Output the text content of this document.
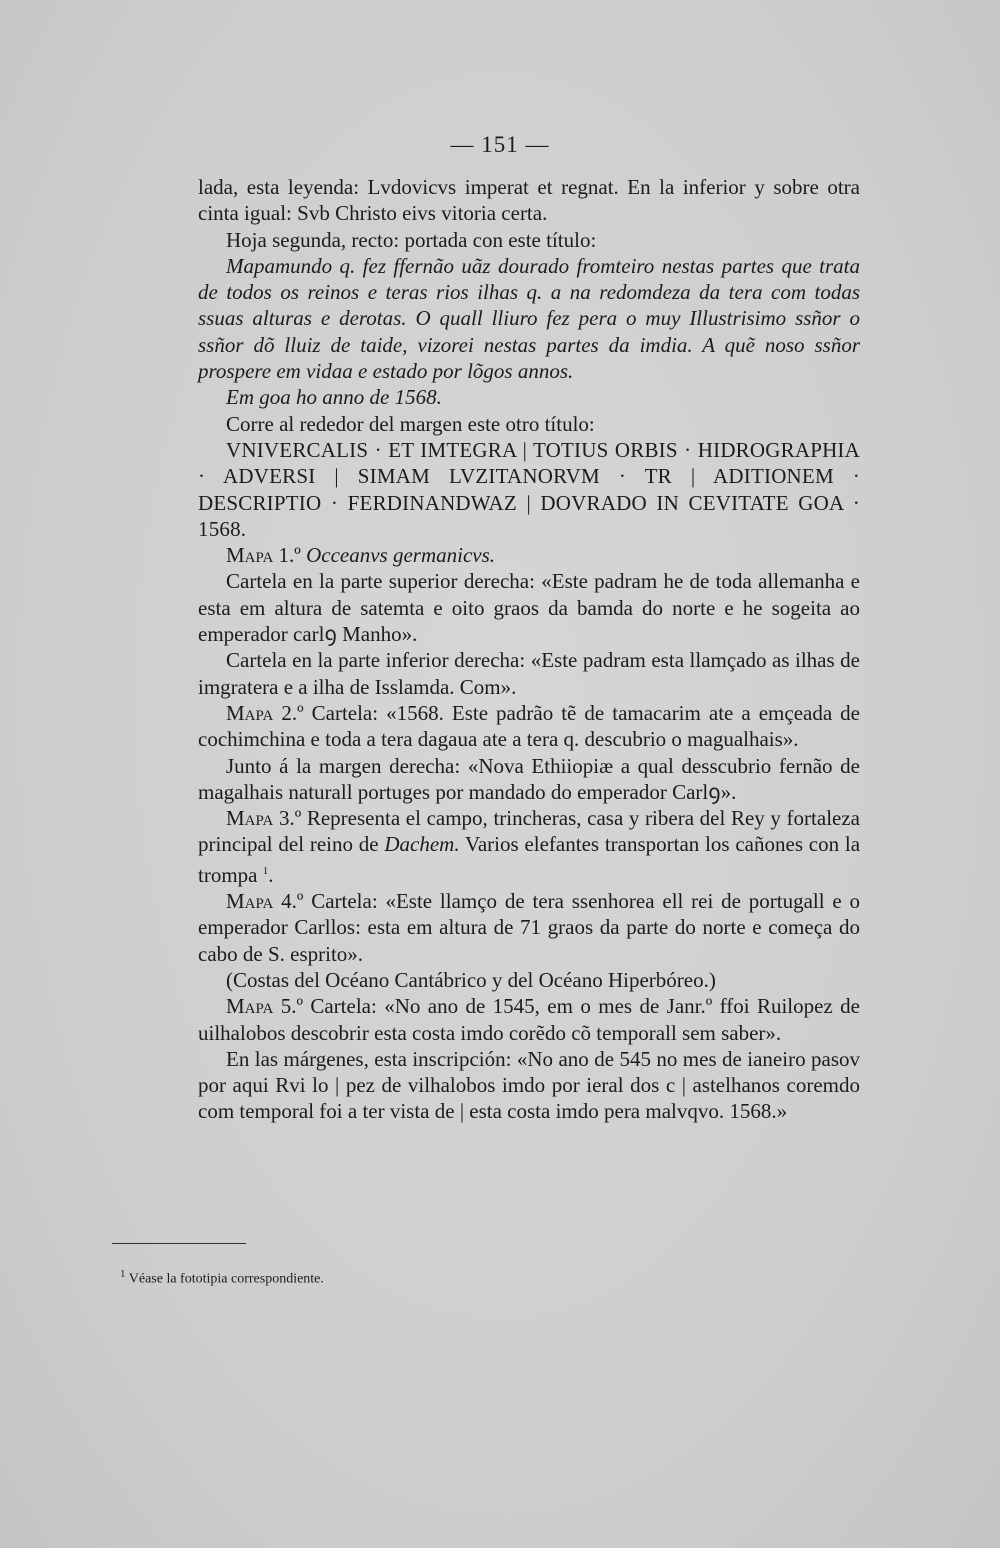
— 151 —

lada, esta leyenda: Lvdovicvs imperat et regnat. En la inferior y sobre otra cinta igual: Svb Christo eivs vitoria certa.

Hoja segunda, recto: portada con este título:

Mapamundo q. fez ffernão uãz dourado fromteiro nestas partes que trata de todos os reinos e teras rios ilhas q. a na redomdeza da tera com todas ssuas alturas e derotas. O quall lliuro fez pera o muy Illustrisimo ssñor o ssñor dõ lluiz de taide, vizorei nestas partes da imdia. A quẽ noso ssñor prospere em vidaa e estado por lõgos annos.

Em goa ho anno de 1568.

Corre al rededor del margen este otro título:

VNIVERCALIS · ET IMTEGRA | TOTIUS ORBIS · HIDROGRAPHIA · ADVERSI | SIMAM LVZITANORVM · TR | ADITIONEM · DESCRIPTIO · FERDINANDWAZ | DOVRADO IN CEVITATE GOA · 1568.

Mapa 1.º Occeanvs germanicvs.

Cartela en la parte superior derecha: «Este padram he de toda allemanha e esta em altura de satemta e oito graos da bamda do norte e he sogeita ao emperador carlꝯ Manho».

Cartela en la parte inferior derecha: «Este padram esta llamçado as ilhas de imgratera e a ilha de Isslamda. Com».

Mapa 2.º Cartela: «1568. Este padrão tẽ de tamacarim ate a emçeada de cochimchina e toda a tera dagaua ate a tera q. descubrio o magualhais».

Junto á la margen derecha: «Nova Ethiiopiæ a qual desscubrio fernão de magalhais naturall portuges por mandado do emperador Carlꝯ».

Mapa 3.º Representa el campo, trincheras, casa y ribera del Rey y fortaleza principal del reino de Dachem. Varios elefantes transportan los cañones con la trompa $^1$.

Mapa 4.º Cartela: «Este llamço de tera ssenhorea ell rei de portugall e o emperador Carllos: esta em altura de 71 graos da parte do norte e começa do cabo de S. esprito».

(Costas del Océano Cantábrico y del Océano Hiperbóreo.)

Mapa 5.º Cartela: «No ano de 1545, em o mes de Janr.º ffoi Ruilopez de uilhalobos descobrir esta costa imdo corẽdo cõ temporall sem saber».

En las márgenes, esta inscripción: «No ano de 545 no mes de ianeiro pasov por aqui Rvi lo | pez de vilhalobos imdo por ieral dos c | astelhanos coremdo com temporal foi a ter vista de | esta costa imdo pera malvqvo. 1568.»

$^1$ Véase la fototipia correspondiente.
